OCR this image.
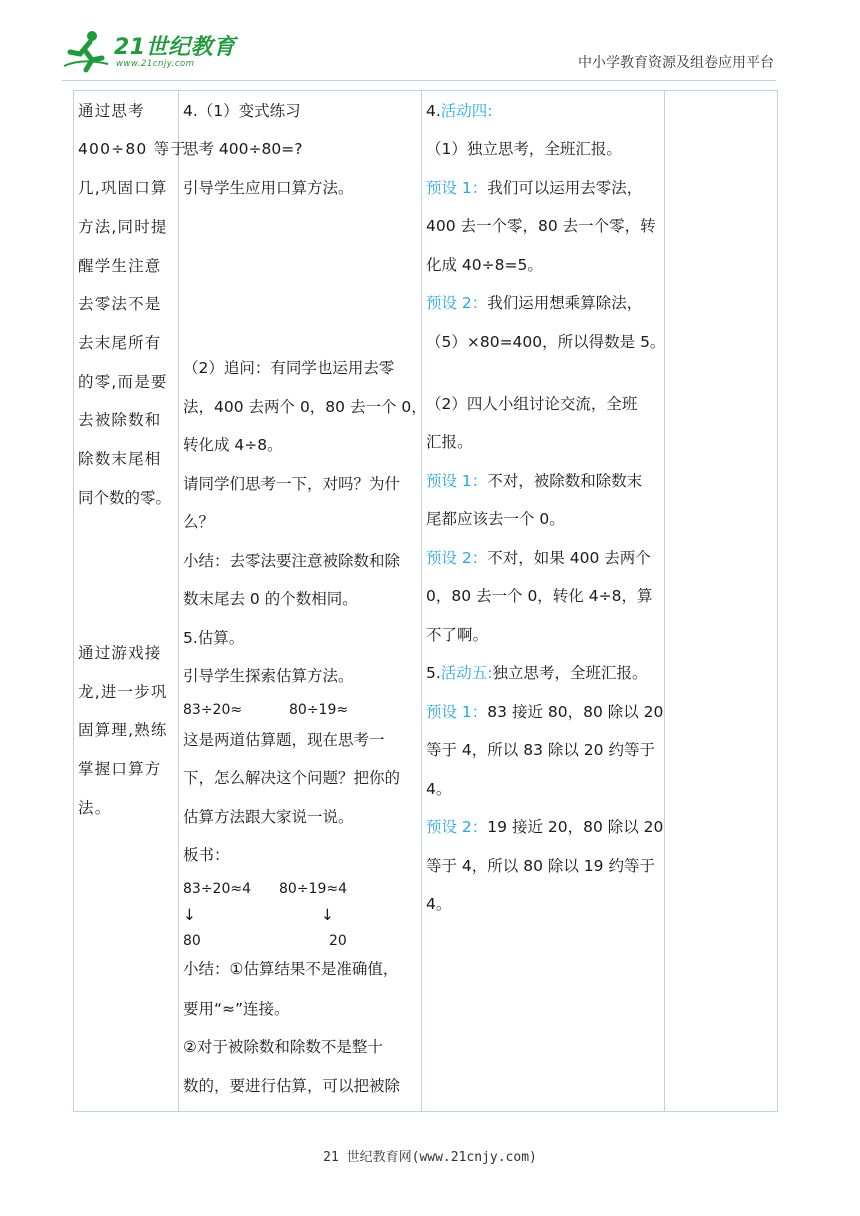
21世纪教育
www.21cnjy.com	中小学教育资源及组卷应用平台
通过思考
400÷80 等于
几,巩固口算
方法,同时提
醒学生注意
去零法不是
去末尾所有
的零,而是要
去被除数和
除数末尾相
同个数的零。
通过游戏接
龙,进一步巩
固算理,熟练
掌握口算方
法。

4.（1）变式练习
思考 400÷80=?
引导学生应用口算方法。
（2）追问：有同学也运用去零
法，400 去两个 0，80 去一个 0，
转化成 4÷8。
请同学们思考一下，对吗？为什
么？
小结：去零法要注意被除数和除
数末尾去 0 的个数相同。
5.估算。
引导学生探索估算方法。
83÷20≈	80÷19≈
这是两道估算题，现在思考一
下，怎么解决这个问题？把你的
估算方法跟大家说一说。
板书：
83÷20≈4 80÷19≈4
↓	↓
80	20
小结：①估算结果不是准确值，
要用“≈”连接。
②对于被除数和除数不是整十
数的，要进行估算，可以把被除

4.活动四:
（1）独立思考，全班汇报。
预设 1：我们可以运用去零法，
400 去一个零，80 去一个零，转
化成 40÷8=5。
预设 2：我们运用想乘算除法，
（5）×80=400，所以得数是 5。
（2）四人小组讨论交流，全班
汇报。
预设 1：不对，被除数和除数末
尾都应该去一个 0。
预设 2：不对，如果 400 去两个
0，80 去一个 0，转化 4÷8，算
不了啊。
5.活动五:独立思考，全班汇报。
预设 1：83 接近 80，80 除以 20
等于 4，所以 83 除以 20 约等于
4。
预设 2：19 接近 20，80 除以 20
等于 4，所以 80 除以 19 约等于
4。

21 世纪教育网(www.21cnjy.com)
